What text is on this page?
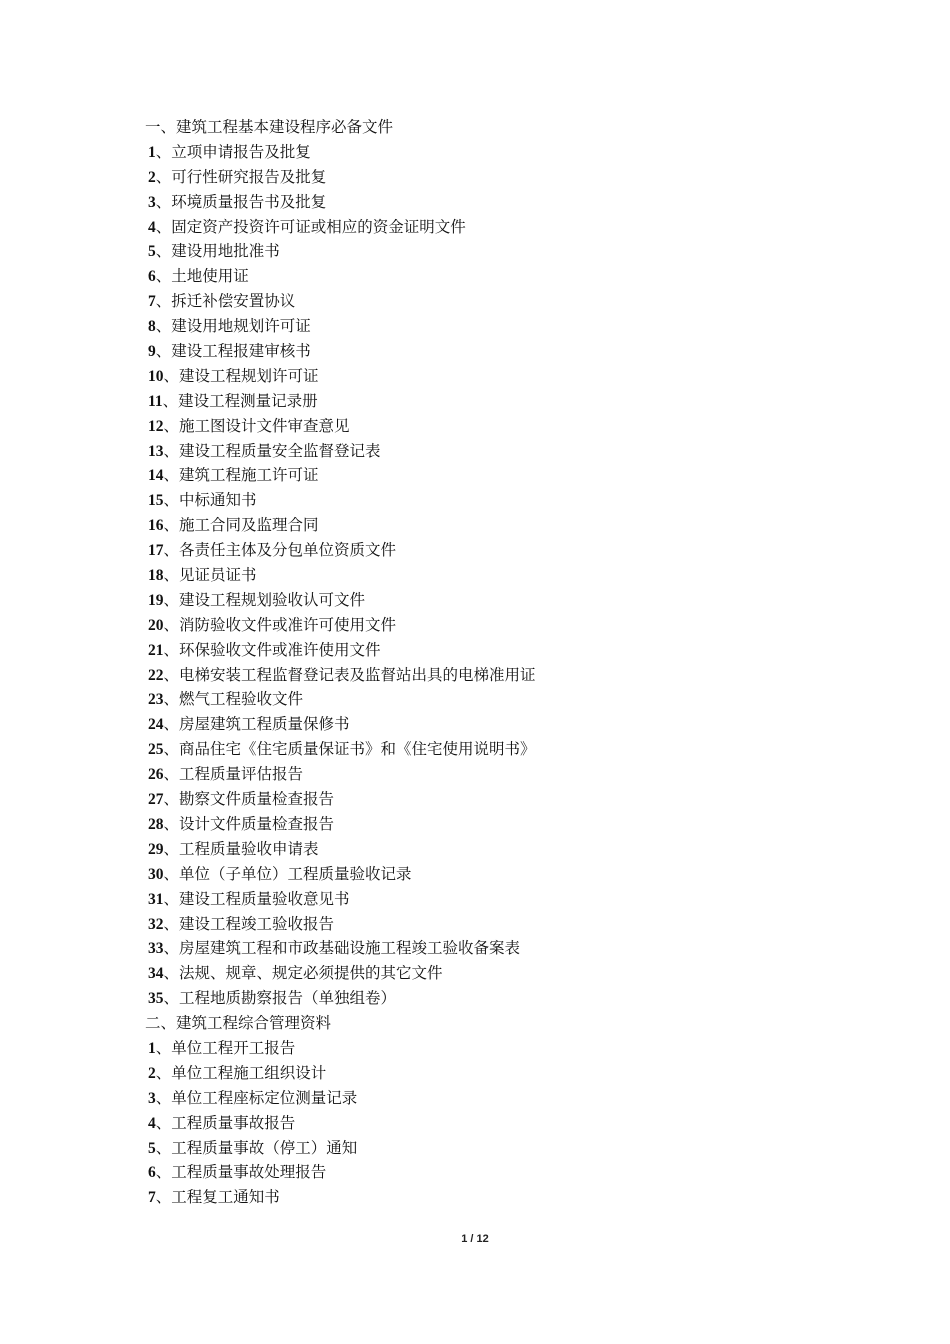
一、建筑工程基本建设程序必备文件
1、立项申请报告及批复
2、可行性研究报告及批复
3、环境质量报告书及批复
4、固定资产投资许可证或相应的资金证明文件
5、建设用地批准书
6、土地使用证
7、拆迁补偿安置协议
8、建设用地规划许可证
9、建设工程报建审核书
10、建设工程规划许可证
11、建设工程测量记录册
12、施工图设计文件审查意见
13、建设工程质量安全监督登记表
14、建筑工程施工许可证
15、中标通知书
16、施工合同及监理合同
17、各责任主体及分包单位资质文件
18、见证员证书
19、建设工程规划验收认可文件
20、消防验收文件或准许可使用文件
21、环保验收文件或准许使用文件
22、电梯安装工程监督登记表及监督站出具的电梯准用证
23、燃气工程验收文件
24、房屋建筑工程质量保修书
25、商品住宅《住宅质量保证书》和《住宅使用说明书》
26、工程质量评估报告
27、勘察文件质量检查报告
28、设计文件质量检查报告
29、工程质量验收申请表
30、单位（子单位）工程质量验收记录
31、建设工程质量验收意见书
32、建设工程竣工验收报告
33、房屋建筑工程和市政基础设施工程竣工验收备案表
34、法规、规章、规定必须提供的其它文件
35、工程地质勘察报告（单独组卷）
二、建筑工程综合管理资料
1、单位工程开工报告
2、单位工程施工组织设计
3、单位工程座标定位测量记录
4、工程质量事故报告
5、工程质量事故（停工）通知
6、工程质量事故处理报告
7、工程复工通知书
1 / 12
